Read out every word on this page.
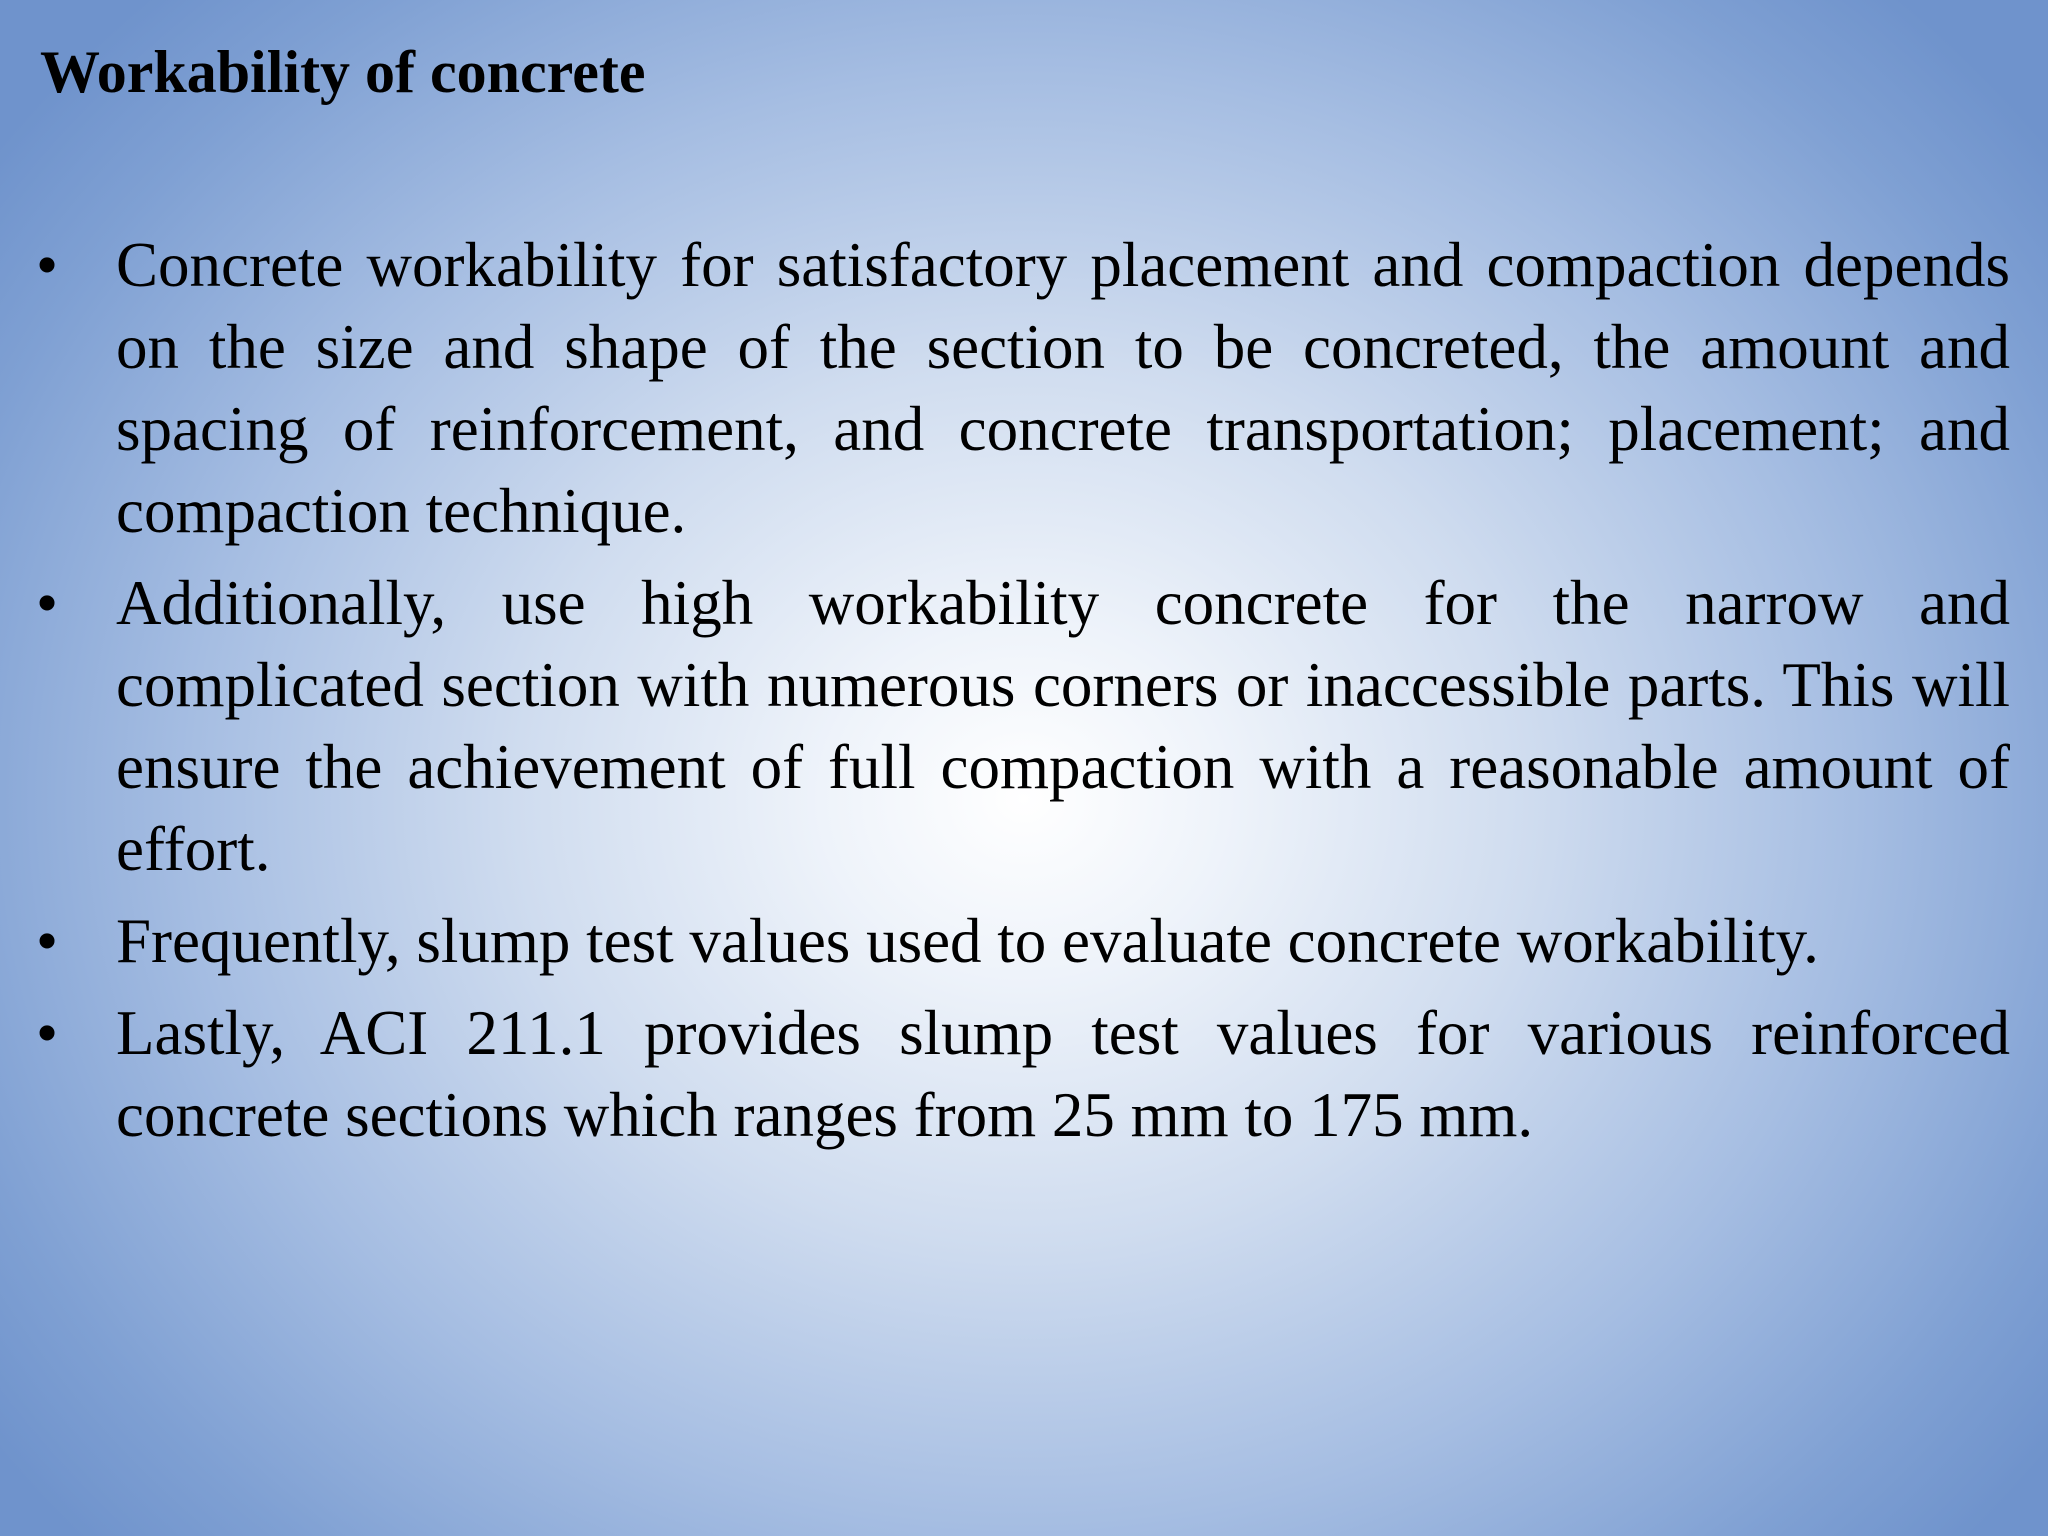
Workability of concrete
• Concrete workability for satisfactory placement and compaction depends on the size and shape of the section to be concreted, the amount and spacing of reinforcement, and concrete transportation; placement; and compaction technique.
• Additionally, use high workability concrete for the narrow and complicated section with numerous corners or inaccessible parts. This will ensure the achievement of full compaction with a reasonable amount of effort.
• Frequently, slump test values used to evaluate concrete workability.
• Lastly, ACI 211.1 provides slump test values for various reinforced concrete sections which ranges from 25 mm to 175 mm.
